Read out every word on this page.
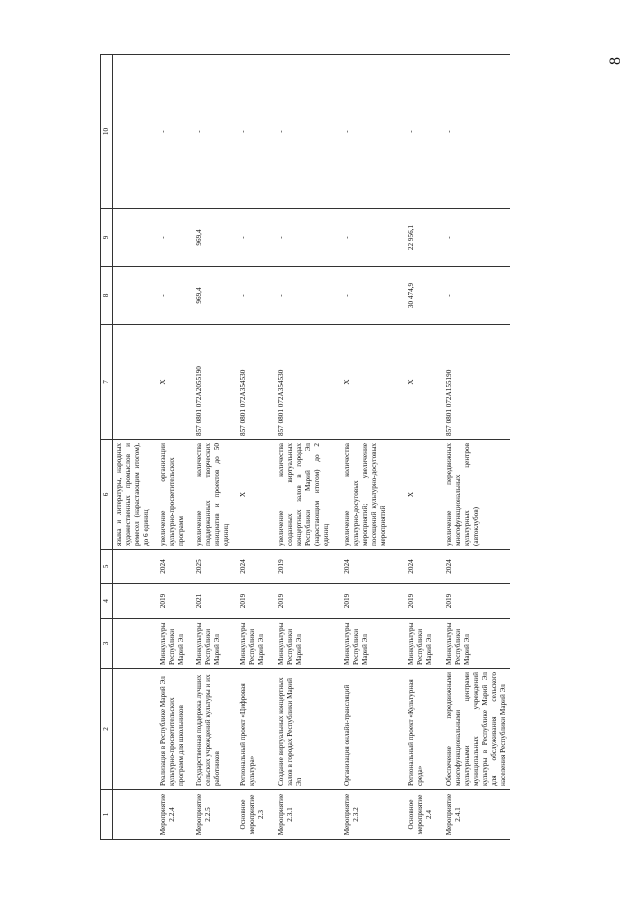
8
1	2	3	4	5	6	7	8	9	10
					языка и литературы, народных художественных промыслов и ремесел (нарастающим итогом), до 6 единиц				
Мероприятие 2.2.4	Реализация в Республике Марий Эл культурно-просветительских программ для школьников	Минкультуры Республики Марий Эл	2019	2024	увеличение организации культурно-просветительских программ	Х	-	-	-
Мероприятие 2.2.5	Государственная поддержка лучших сельских учреждений культуры и их работников	Минкультуры Республики Марий Эл	2021	2025	увеличение количества поддержанных творческих инициатив и проектов до 50 единиц	857 0801 072A2055190	969,4	969,4	-
Основное мероприятие 2.3	Региональный проект «Цифровая культура»	Минкультуры Республики Марий Эл	2019	2024	Х	857 0801 072A354530	-	-	-
Мероприятие 2.3.1	Создание виртуальных концертных залов в городах Республики Марий Эл	Минкультуры Республики Марий Эл	2019	2019	увеличение количества созданных виртуальных концертных залов в городах Республики Марий Эл (нарастающим итогом) до 2 единиц	857 0801 072A354530	-	-	-
Мероприятие 2.3.2	Организация онлайн-трансляций	Минкультуры Республики Марий Эл	2019	2024	увеличение количества культурно-досуговых мероприятий; увеличение посещений культурно-досуговых мероприятий	Х	-	-	-
Основное мероприятие 2.4	Региональный проект «Культурная среда»	Минкультуры Республики Марий Эл	2019	2024	Х	Х	30 474,9	22 956,1	-
Мероприятие 2.4.1	Обеспечение передвижными многофункциональными культурными центрами муниципальных учреждений культуры в Республике Марий Эл для обслуживания сельского населения Республики Марий Эл	Минкультуры Республики Марий Эл	2019	2024	увеличение передвижных многофункциональных культурных центров (автоклубов)	857 0801 072A155190	-	-	-
